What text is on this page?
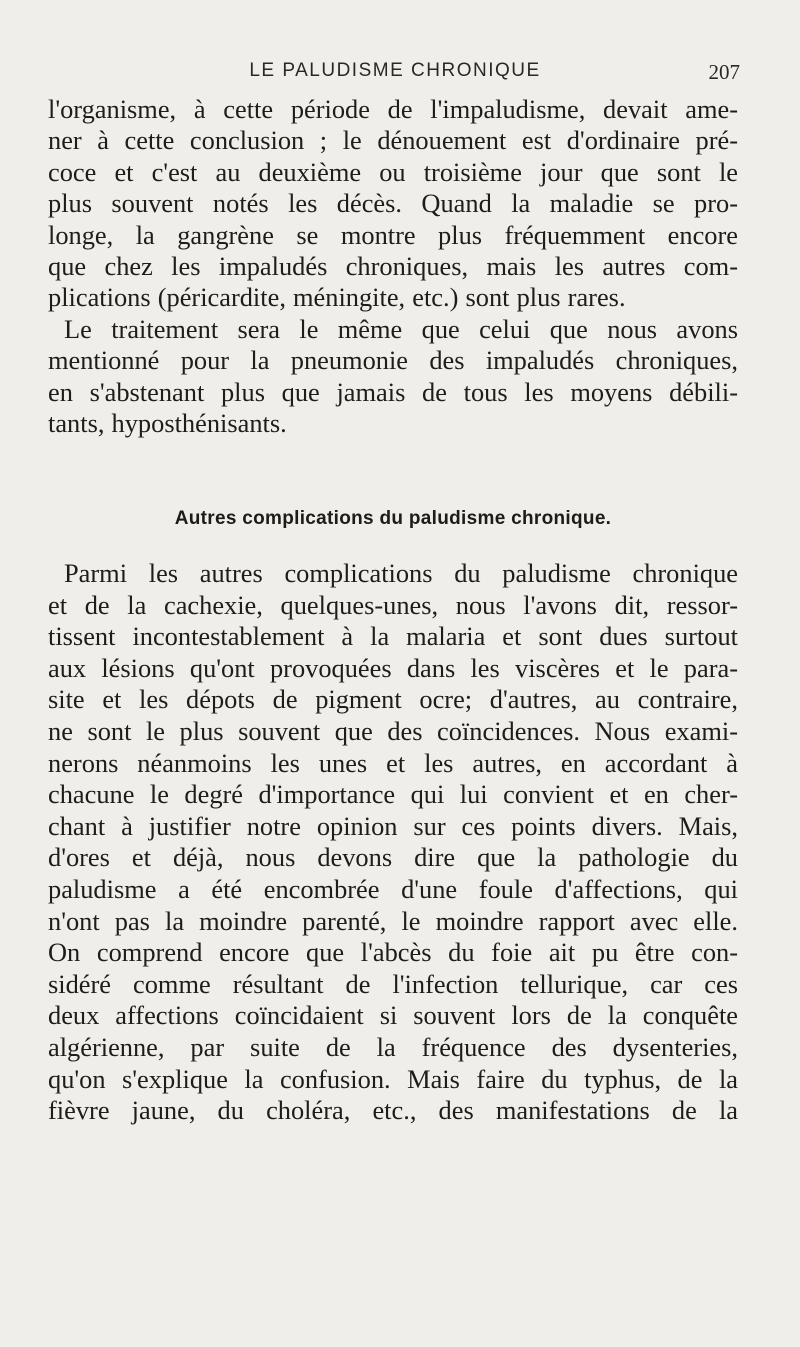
LE PALUDISME CHRONIQUE	207
l'organisme, à cette période de l'impaludisme, devait ame-
ner à cette conclusion ; le dénouement est d'ordinaire pré-
coce et c'est au deuxième ou troisième jour que sont le
plus souvent notés les décès. Quand la maladie se pro-
longe, la gangrène se montre plus fréquemment encore
que chez les impaludés chroniques, mais les autres com-
plications (péricardite, méningite, etc.) sont plus rares.
Le traitement sera le même que celui que nous avons
mentionné pour la pneumonie des impaludés chroniques,
en s'abstenant plus que jamais de tous les moyens débili-
tants, hyposthénisants.
Autres complications du paludisme chronique.
Parmi les autres complications du paludisme chronique
et de la cachexie, quelques-unes, nous l'avons dit, ressor-
tissent incontestablement à la malaria et sont dues surtout
aux lésions qu'ont provoquées dans les viscères et le para-
site et les dépots de pigment ocre; d'autres, au contraire,
ne sont le plus souvent que des coïncidences. Nous exami-
nerons néanmoins les unes et les autres, en accordant à
chacune le degré d'importance qui lui convient et en cher-
chant à justifier notre opinion sur ces points divers. Mais,
d'ores et déjà, nous devons dire que la pathologie du
paludisme a été encombrée d'une foule d'affections, qui
n'ont pas la moindre parenté, le moindre rapport avec elle.
On comprend encore que l'abcès du foie ait pu être con-
sidéré comme résultant de l'infection tellurique, car ces
deux affections coïncidaient si souvent lors de la conquête
algérienne, par suite de la fréquence des dysenteries,
qu'on s'explique la confusion. Mais faire du typhus, de la
fièvre jaune, du choléra, etc., des manifestations de la
